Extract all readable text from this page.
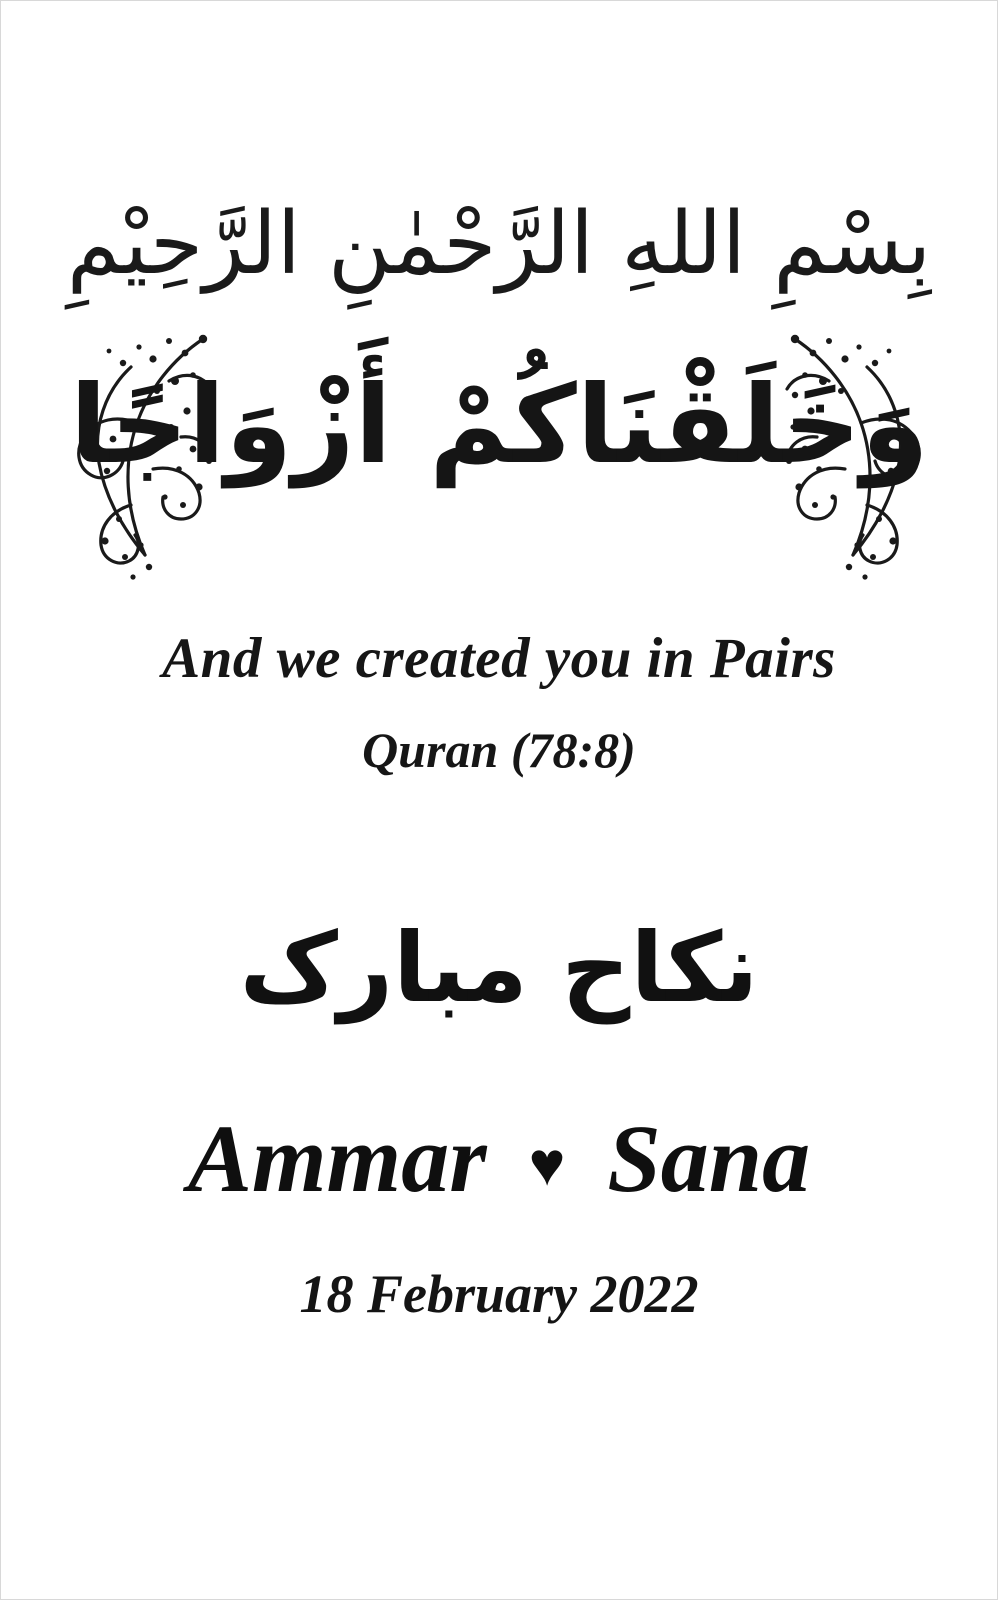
بِسْمِ اللهِ الرَّحْمٰنِ الرَّحِيْمِ
وَخَلَقْنَاكُمْ أَزْوَاجًا
And we created you in Pairs
Quran (78:8)
نکاح مبارک
Ammar ♥ Sana
18 February 2022
